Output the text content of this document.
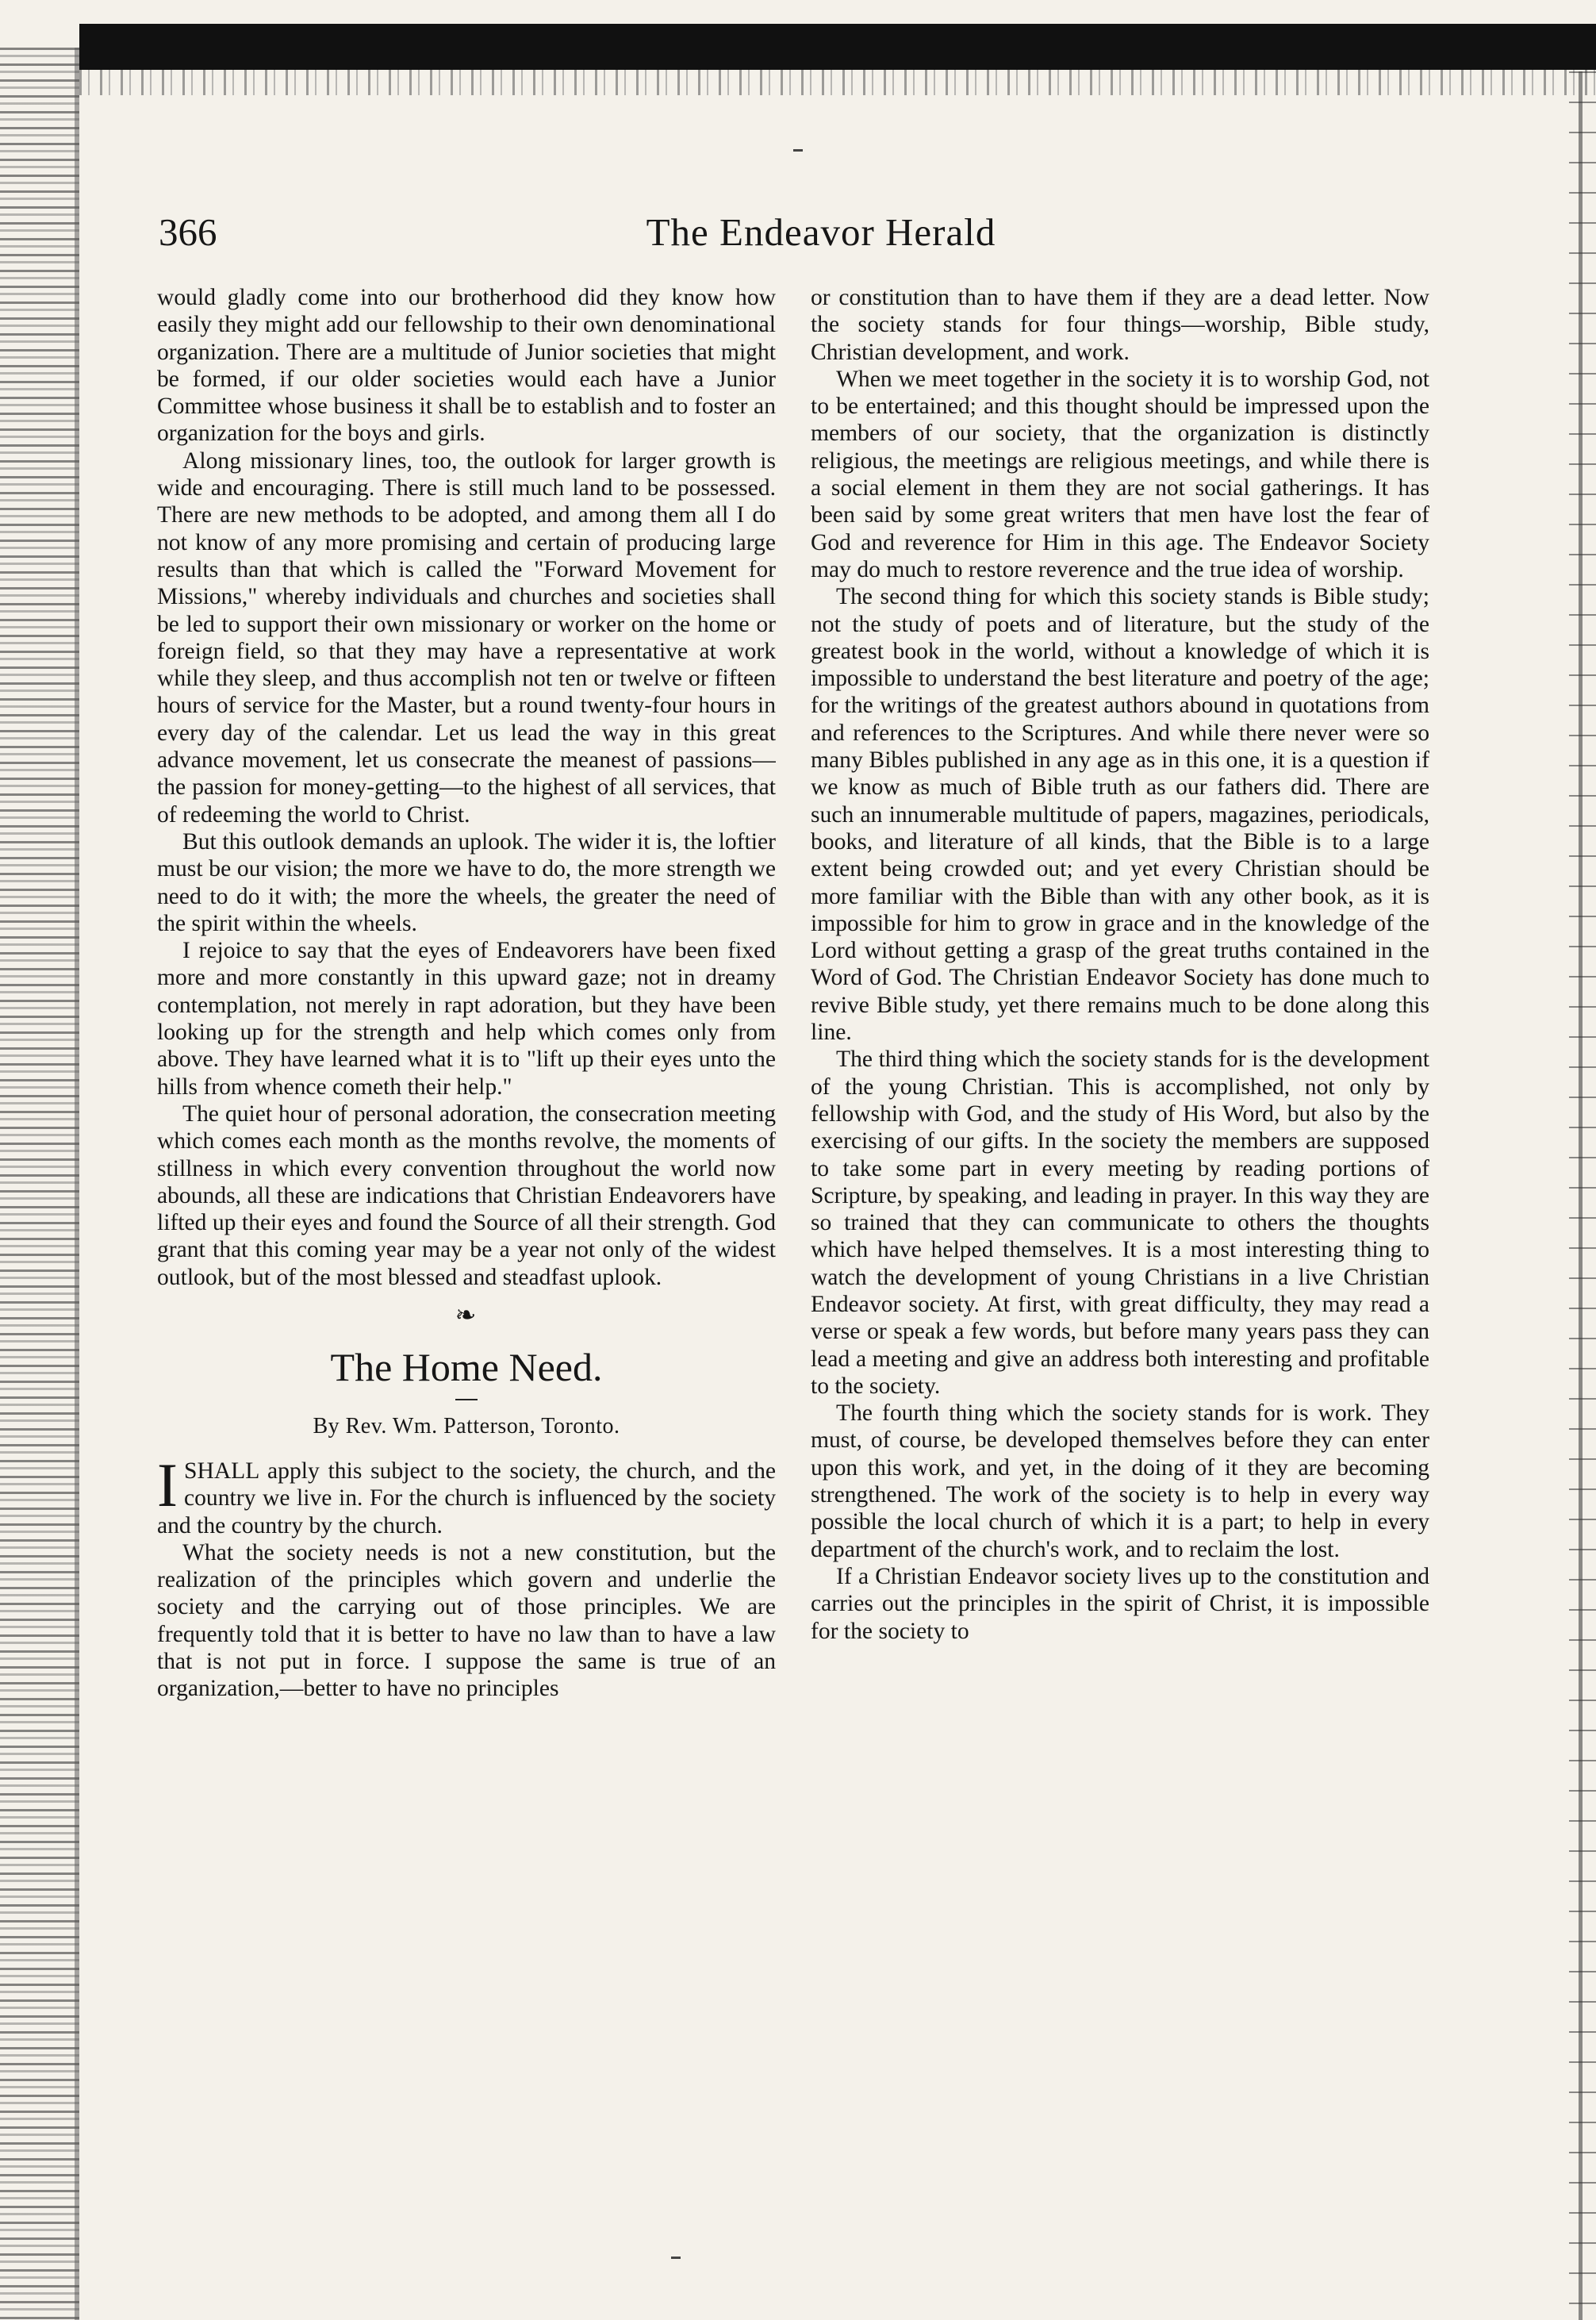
366	The Endeavor Herald

would gladly come into our brotherhood did they know how easily they might add our fellowship to their own denominational organization. There are a multitude of Junior societies that might be formed, if our older societies would each have a Junior Committee whose business it shall be to establish and to foster an organization for the boys and girls.

Along missionary lines, too, the outlook for larger growth is wide and encouraging. There is still much land to be possessed. There are new methods to be adopted, and among them all I do not know of any more promising and certain of producing large results than that which is called the "Forward Movement for Missions," whereby individuals and churches and societies shall be led to support their own missionary or worker on the home or foreign field, so that they may have a representative at work while they sleep, and thus accomplish not ten or twelve or fifteen hours of service for the Master, but a round twenty-four hours in every day of the calendar. Let us lead the way in this great advance movement, let us consecrate the meanest of passions—the passion for money-getting—to the highest of all services, that of redeeming the world to Christ.

But this outlook demands an uplook. The wider it is, the loftier must be our vision; the more we have to do, the more strength we need to do it with; the more the wheels, the greater the need of the spirit within the wheels.

I rejoice to say that the eyes of Endeavorers have been fixed more and more constantly in this upward gaze; not in dreamy contemplation, not merely in rapt adoration, but they have been looking up for the strength and help which comes only from above. They have learned what it is to "lift up their eyes unto the hills from whence cometh their help."

The quiet hour of personal adoration, the consecration meeting which comes each month as the months revolve, the moments of stillness in which every convention throughout the world now abounds, all these are indications that Christian Endeavorers have lifted up their eyes and found the Source of all their strength. God grant that this coming year may be a year not only of the widest outlook, but of the most blessed and steadfast uplook.

❧
The Home Need.
By Rev. Wm. Patterson, Toronto.

ISHALL apply this subject to the society, the church, and the country we live in. For the church is influenced by the society and the country by the church.

What the society needs is not a new constitution, but the realization of the principles which govern and underlie the society and the carrying out of those principles. We are frequently told that it is better to have no law than to have a law that is not put in force. I suppose the same is true of an organization,—better to have no principles

or constitution than to have them if they are a dead letter. Now the society stands for four things—worship, Bible study, Christian development, and work.

When we meet together in the society it is to worship God, not to be entertained; and this thought should be impressed upon the members of our society, that the organization is distinctly religious, the meetings are religious meetings, and while there is a social element in them they are not social gatherings. It has been said by some great writers that men have lost the fear of God and reverence for Him in this age. The Endeavor Society may do much to restore reverence and the true idea of worship.

The second thing for which this society stands is Bible study; not the study of poets and of literature, but the study of the greatest book in the world, without a knowledge of which it is impossible to understand the best literature and poetry of the age; for the writings of the greatest authors abound in quotations from and references to the Scriptures. And while there never were so many Bibles published in any age as in this one, it is a question if we know as much of Bible truth as our fathers did. There are such an innumerable multitude of papers, magazines, periodicals, books, and literature of all kinds, that the Bible is to a large extent being crowded out; and yet every Christian should be more familiar with the Bible than with any other book, as it is impossible for him to grow in grace and in the knowledge of the Lord without getting a grasp of the great truths contained in the Word of God. The Christian Endeavor Society has done much to revive Bible study, yet there remains much to be done along this line.

The third thing which the society stands for is the development of the young Christian. This is accomplished, not only by fellowship with God, and the study of His Word, but also by the exercising of our gifts. In the society the members are supposed to take some part in every meeting by reading portions of Scripture, by speaking, and leading in prayer. In this way they are so trained that they can communicate to others the thoughts which have helped themselves. It is a most interesting thing to watch the development of young Christians in a live Christian Endeavor society. At first, with great difficulty, they may read a verse or speak a few words, but before many years pass they can lead a meeting and give an address both interesting and profitable to the society.

The fourth thing which the society stands for is work. They must, of course, be developed themselves before they can enter upon this work, and yet, in the doing of it they are becoming strengthened. The work of the society is to help in every way possible the local church of which it is a part; to help in every department of the church's work, and to reclaim the lost.

If a Christian Endeavor society lives up to the constitution and carries out the principles in the spirit of Christ, it is impossible for the society to
